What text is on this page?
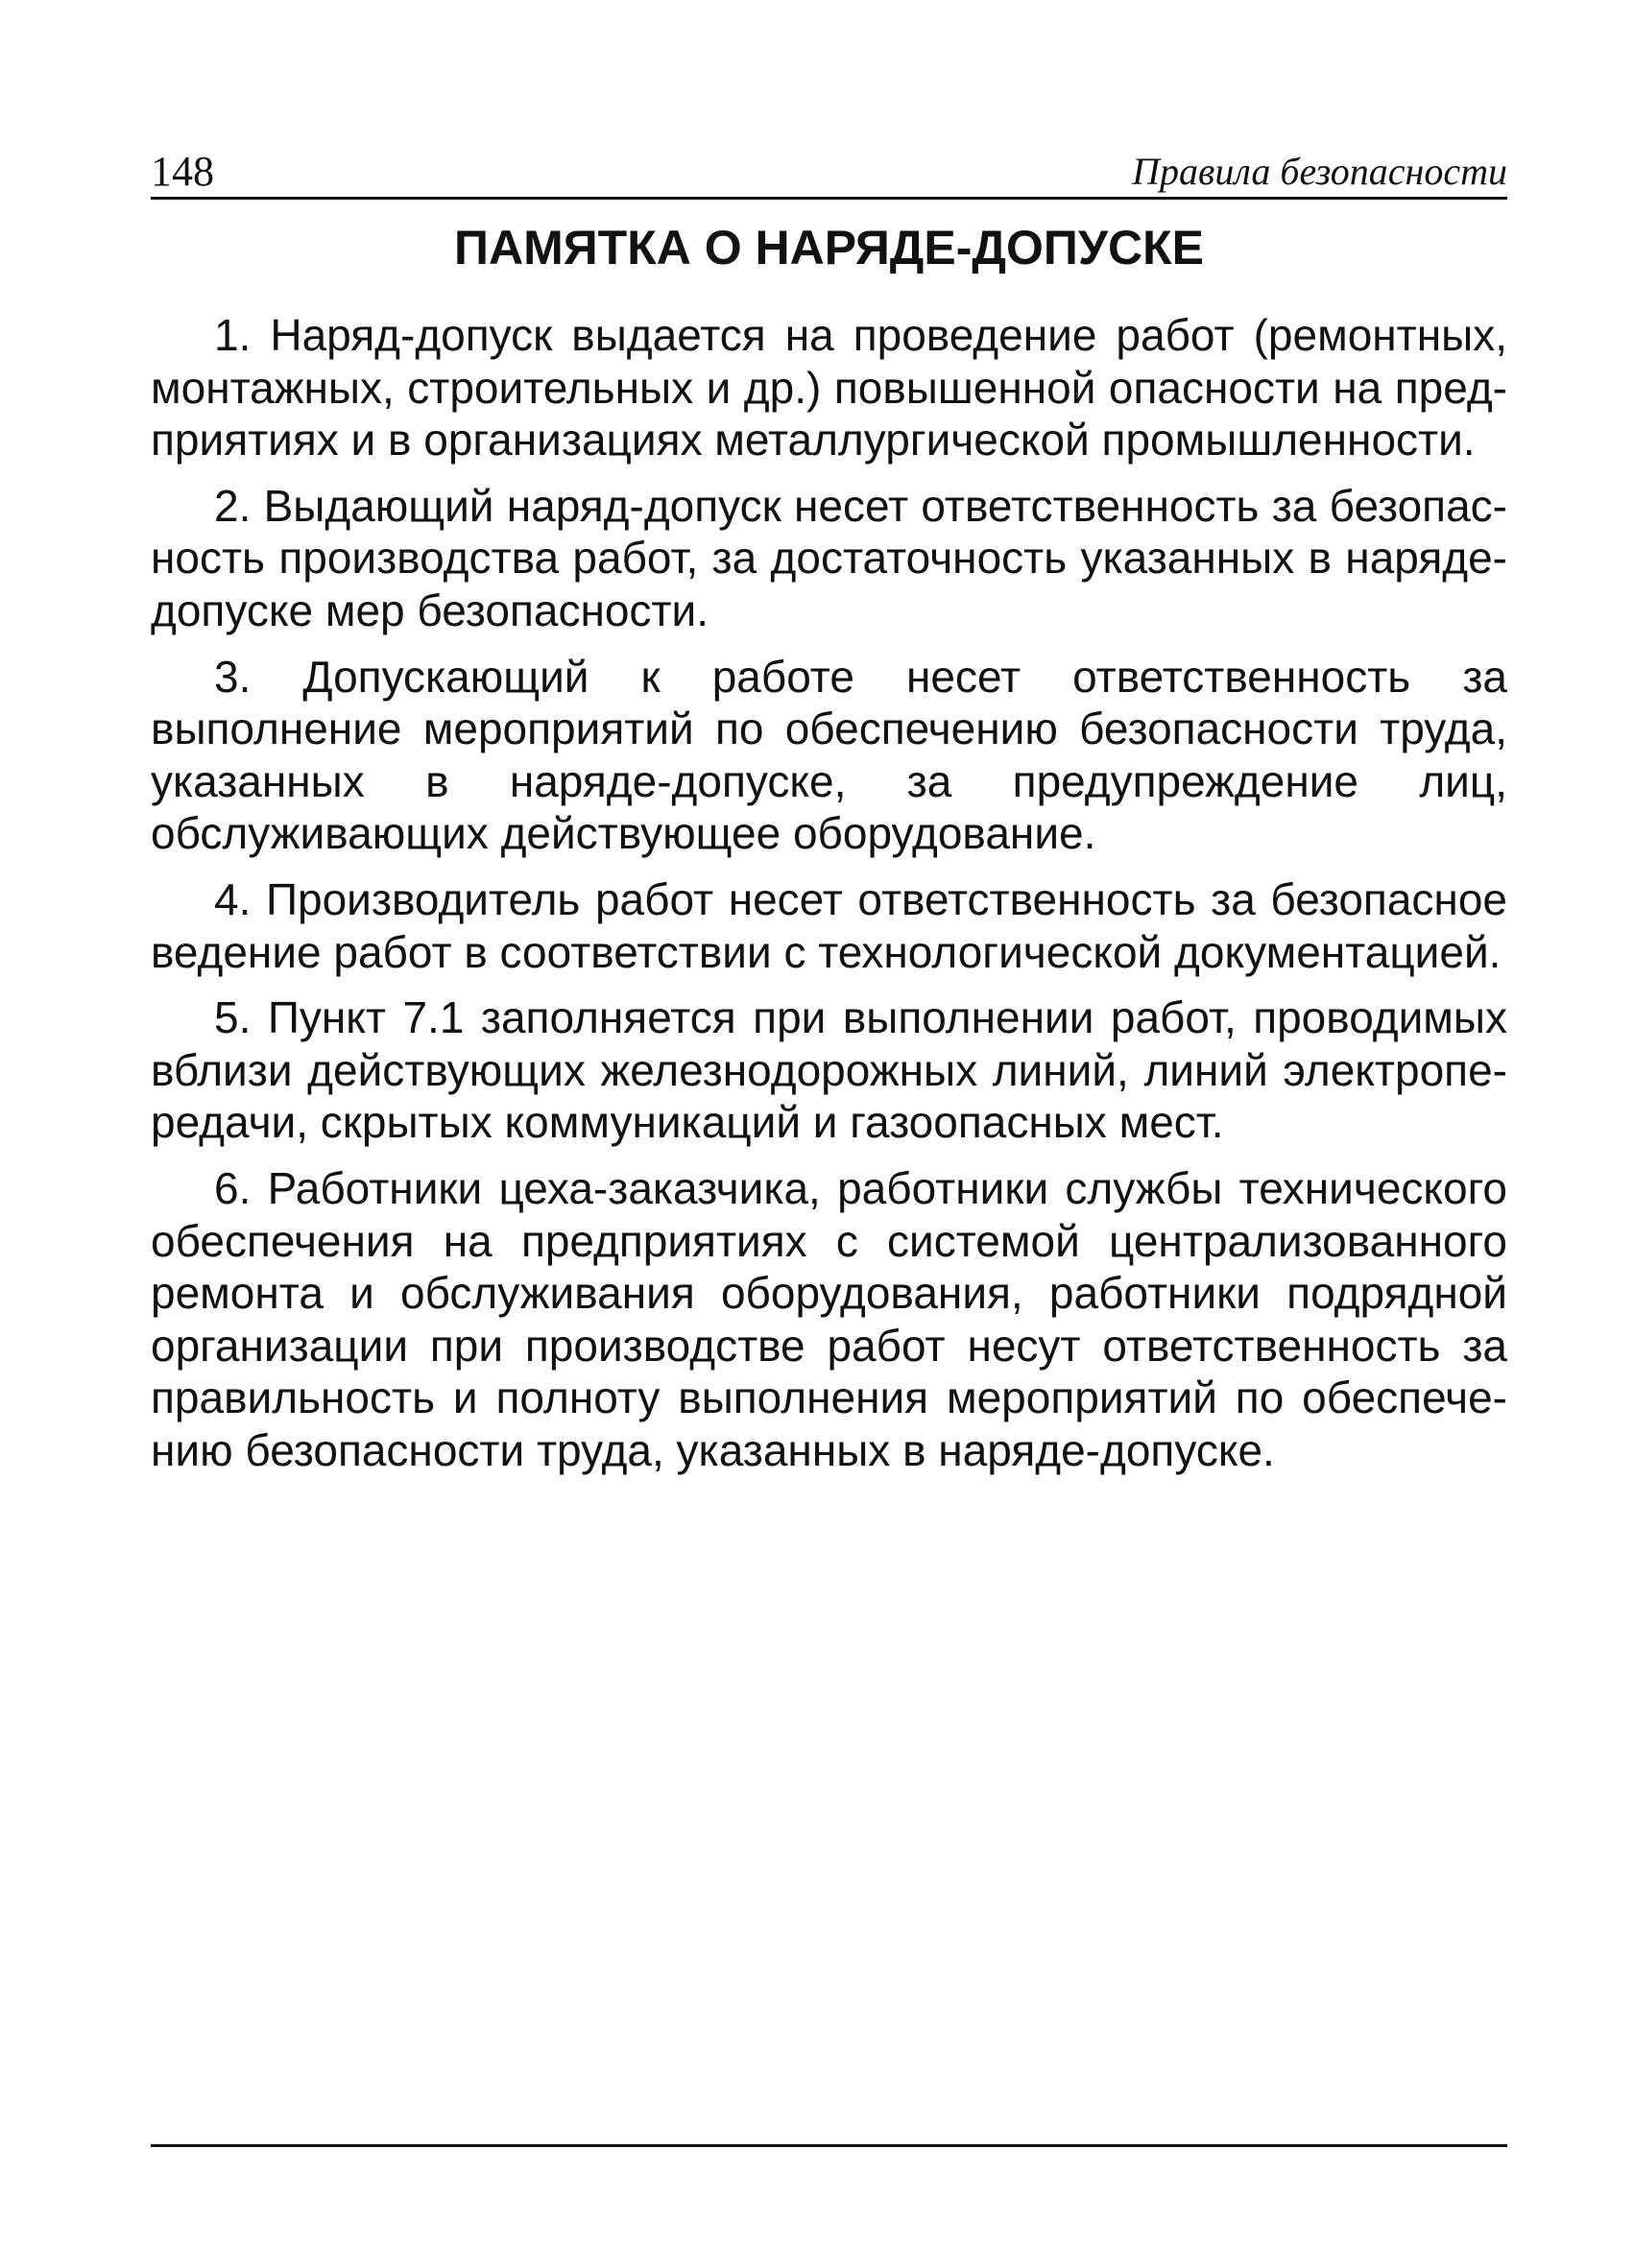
148	Правила безопасности
ПАМЯТКА О НАРЯДЕ-ДОПУСКЕ
1. Наряд-допуск выдается на проведение работ (ремонтных, монтажных, строительных и др.) повышенной опасности на предприятиях и в организациях металлургической промышленности.
2. Выдающий наряд-допуск несет ответственность за безопасность производства работ, за достаточность указанных в наряде-допуске мер безопасности.
3. Допускающий к работе несет ответственность за выполнение мероприятий по обеспечению безопасности труда, указанных в наряде-допуске, за предупреждение лиц, обслуживающих действующее оборудование.
4. Производитель работ несет ответственность за безопасное ведение работ в соответствии с технологической документацией.
5. Пункт 7.1 заполняется при выполнении работ, проводимых вблизи действующих железнодорожных линий, линий электропередачи, скрытых коммуникаций и газоопасных мест.
6. Работники цеха-заказчика, работники службы технического обеспечения на предприятиях с системой централизованного ремонта и обслуживания оборудования, работники подрядной организации при производстве работ несут ответственность за правильность и полноту выполнения мероприятий по обеспечению безопасности труда, указанных в наряде-допуске.
